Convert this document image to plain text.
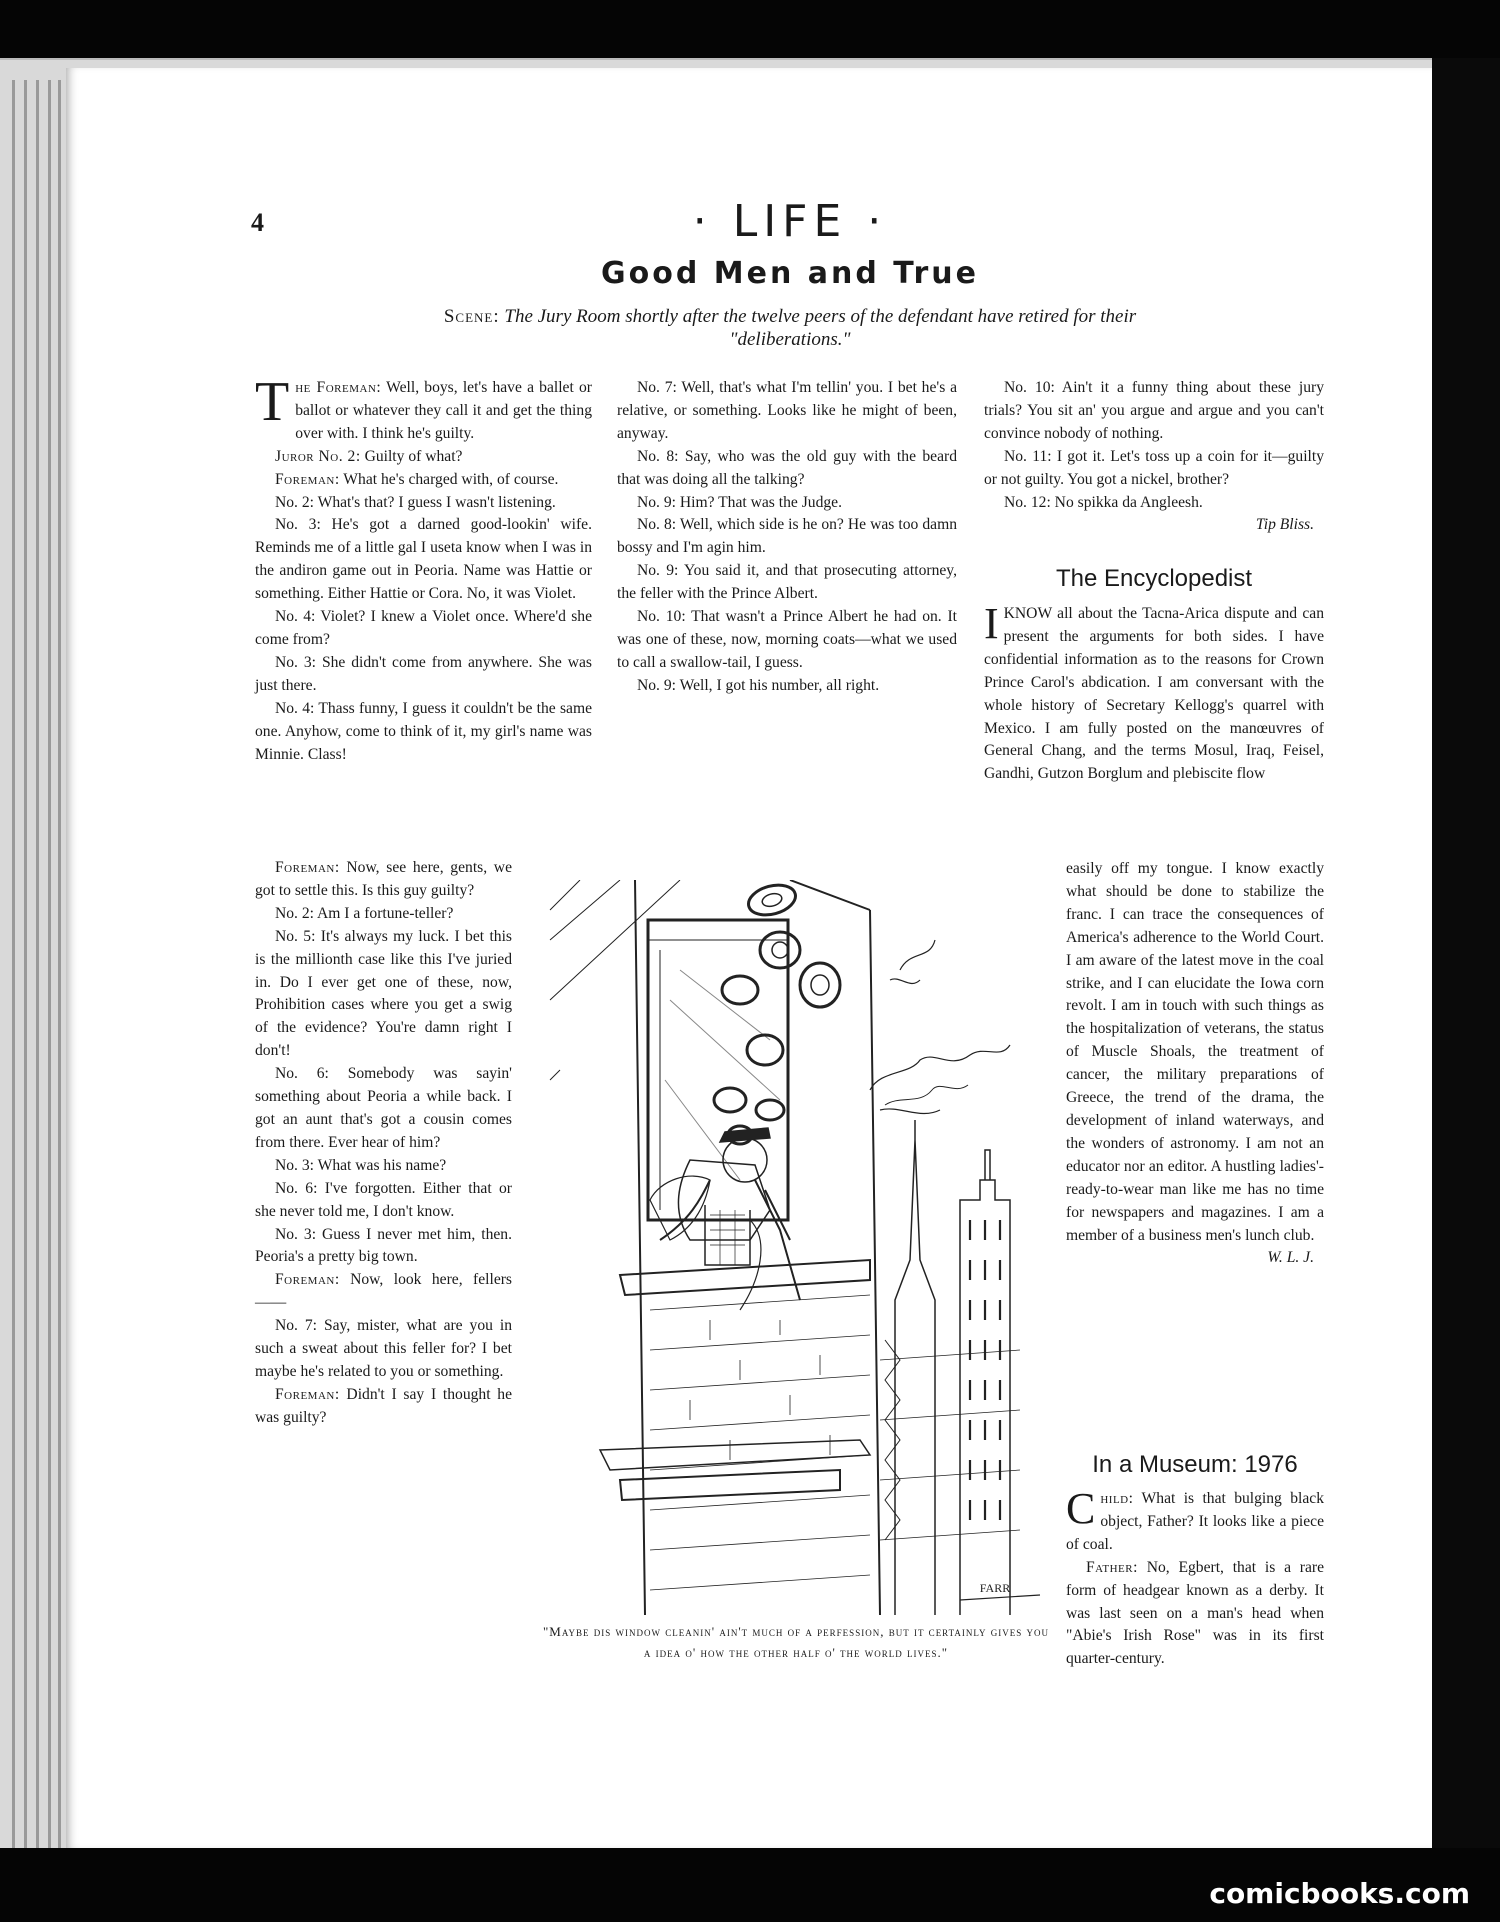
comicbooks.com
4	· LIFE ·
Good Men and True
Scene: The Jury Room shortly after the twelve peers of the defendant have retired for their "deliberations."

The Foreman: Well, boys, let's have a ballet or ballot or whatever they call it and get the thing over with. I think he's guilty.

Juror No. 2: Guilty of what?

Foreman: What he's charged with, of course.

No. 2: What's that? I guess I wasn't listening.

No. 3: He's got a darned good-lookin' wife. Reminds me of a little gal I useta know when I was in the andiron game out in Peoria. Name was Hattie or something. Either Hattie or Cora. No, it was Violet.

No. 4: Violet? I knew a Violet once. Where'd she come from?

No. 3: She didn't come from anywhere. She was just there.

No. 4: Thass funny, I guess it couldn't be the same one. Anyhow, come to think of it, my girl's name was Minnie. Class!

Foreman: Now, see here, gents, we got to settle this. Is this guy guilty?

No. 2: Am I a fortune-teller?

No. 5: It's always my luck. I bet this is the millionth case like this I've juried in. Do I ever get one of these, now, Prohibition cases where you get a swig of the evidence? You're damn right I don't!

No. 6: Somebody was sayin' something about Peoria a while back. I got an aunt that's got a cousin comes from there. Ever hear of him?

No. 3: What was his name?

No. 6: I've forgotten. Either that or she never told me, I don't know.

No. 3: Guess I never met him, then. Peoria's a pretty big town.

Foreman: Now, look here, fellers——

No. 7: Say, mister, what are you in such a sweat about this feller for? I bet maybe he's related to you or something.

Foreman: Didn't I say I thought he was guilty?

No. 7: Well, that's what I'm tellin' you. I bet he's a relative, or something. Looks like he might of been, anyway.

No. 8: Say, who was the old guy with the beard that was doing all the talking?

No. 9: Him? That was the Judge.

No. 8: Well, which side is he on? He was too damn bossy and I'm agin him.

No. 9: You said it, and that prosecuting attorney, the feller with the Prince Albert.

No. 10: That wasn't a Prince Albert he had on. It was one of these, now, morning coats—what we used to call a swallow-tail, I guess.

No. 9: Well, I got his number, all right.

No. 10: Ain't it a funny thing about these jury trials? You sit an' you argue and argue and you can't convince nobody of nothing.

No. 11: I got it. Let's toss up a coin for it—guilty or not guilty. You got a nickel, brother?

No. 12: No spikka da Angleesh.

Tip Bliss.
The Encyclopedist

I KNOW all about the Tacna-Arica dispute and can present the arguments for both sides. I have confidential information as to the reasons for Crown Prince Carol's abdication. I am conversant with the whole history of Secretary Kellogg's quarrel with Mexico. I am fully posted on the manœuvres of General Chang, and the terms Mosul, Iraq, Feisel, Gandhi, Gutzon Borglum and plebiscite flow

easily off my tongue. I know exactly what should be done to stabilize the franc. I can trace the consequences of America's adherence to the World Court. I am aware of the latest move in the coal strike, and I can elucidate the Iowa corn revolt. I am in touch with such things as the hospitalization of veterans, the status of Muscle Shoals, the treatment of cancer, the military preparations of Greece, the trend of the drama, the development of inland waterways, and the wonders of astronomy. I am not an educator nor an editor. A hustling ladies'-ready-to-wear man like me has no time for newspapers and magazines. I am a member of a business men's lunch club.

W. L. J.
In a Museum: 1976

Child: What is that bulging black object, Father? It looks like a piece of coal.

Father: No, Egbert, that is a rare form of headgear known as a derby. It was last seen on a man's head when "Abie's Irish Rose" was in its first quarter-century.

FARR
"Maybe dis window cleanin' ain't much of a perfession, but it certainly gives you a idea o' how the other half o' the world lives."
